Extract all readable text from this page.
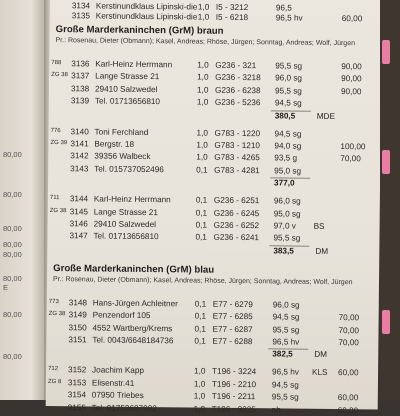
80,00
80,00
80,00
80,00
80,00
80,00
E
80,00
80,00
3134 Kerstinundklaus Lipinski-die 1,0 I5 - 3212	96,5
3135 Kerstinundklaus Lipinski-die 1,0 I5 - 6218	96,5 hv	60,00
Große Marderkaninchen (GrM) braun
Pr.: Rosenau, Dieter (Obmann); Kasel, Andreas; Rhöse, Jürgen; Sonntag, Andreas; Wolf, Jürgen
788 3136 Karl-Heinz Herrmann	1,0 G236 - 321 95,5 sg	90,00
ZG 38 3137 Lange Strasse 21	1,0 G236 - 3218 96,0 sg	90,00
3138 29410 Salzwedel	1,0 G236 - 6238 95,5 sg	90,00
3139 Tel. 01713656810	1,0 G236 - 5236 94,5 sg
380,5	MDE
776 3140 Toni Ferchland	1,0 G783 - 1220 94,5 sg
ZG 39 3141 Bergstr. 18	1,0 G783 - 1210 94,0 sg	100,00
3142 39356 Walbeck	1,0 G783 - 4265 93,5 g	70,00
3143 Tel. 015737052496	0,1 G783 - 4281 95,0 sg
377,0
711 3144 Karl-Heinz Herrmann	0,1 G236 - 6251 96,0 sg
ZG 38 3145 Lange Strasse 21	0,1 G236 - 6245 95,0 sg
3146 29410 Salzwedel	0,1 G236 - 6252 97,0 v BS
3147 Tel. 01713656810	0,1 G236 - 6241 95,5 sg
383,5	DM
Große Marderkaninchen (GrM) blau
Pr.: Rosenau, Dieter (Obmann); Kasel, Andreas; Rhöse, Jürgen; Sonntag, Andreas; Wolf, Jürgen
773 3148 Hans-Jürgen Achleitner 0,1 E77 - 6279 96,0 sg
ZG 38 3149 Penzendorf 105	0,1 E77 - 6285 94,5 sg	70,00
3150 4552 Wartberg/Krems	0,1 E77 - 6287 95,5 sg	70,00
3151 Tel. 0043/6648184736	0,1 E77 - 6288 96,5 hv	70,00
382,5	DM
712 3152 Joachim Kapp	1,0 T196 - 3224 96,5 hv KLS 60,00
ZG 8 3153 Elisenstr.41	1,0 T196 - 2210 94,5 sg
3154 07950 Triebes	1,0 T196 - 2211 95,5 sg	60,00
3155 Tel. 01753687982	1,0 T196 - 3225 nb	60,00
